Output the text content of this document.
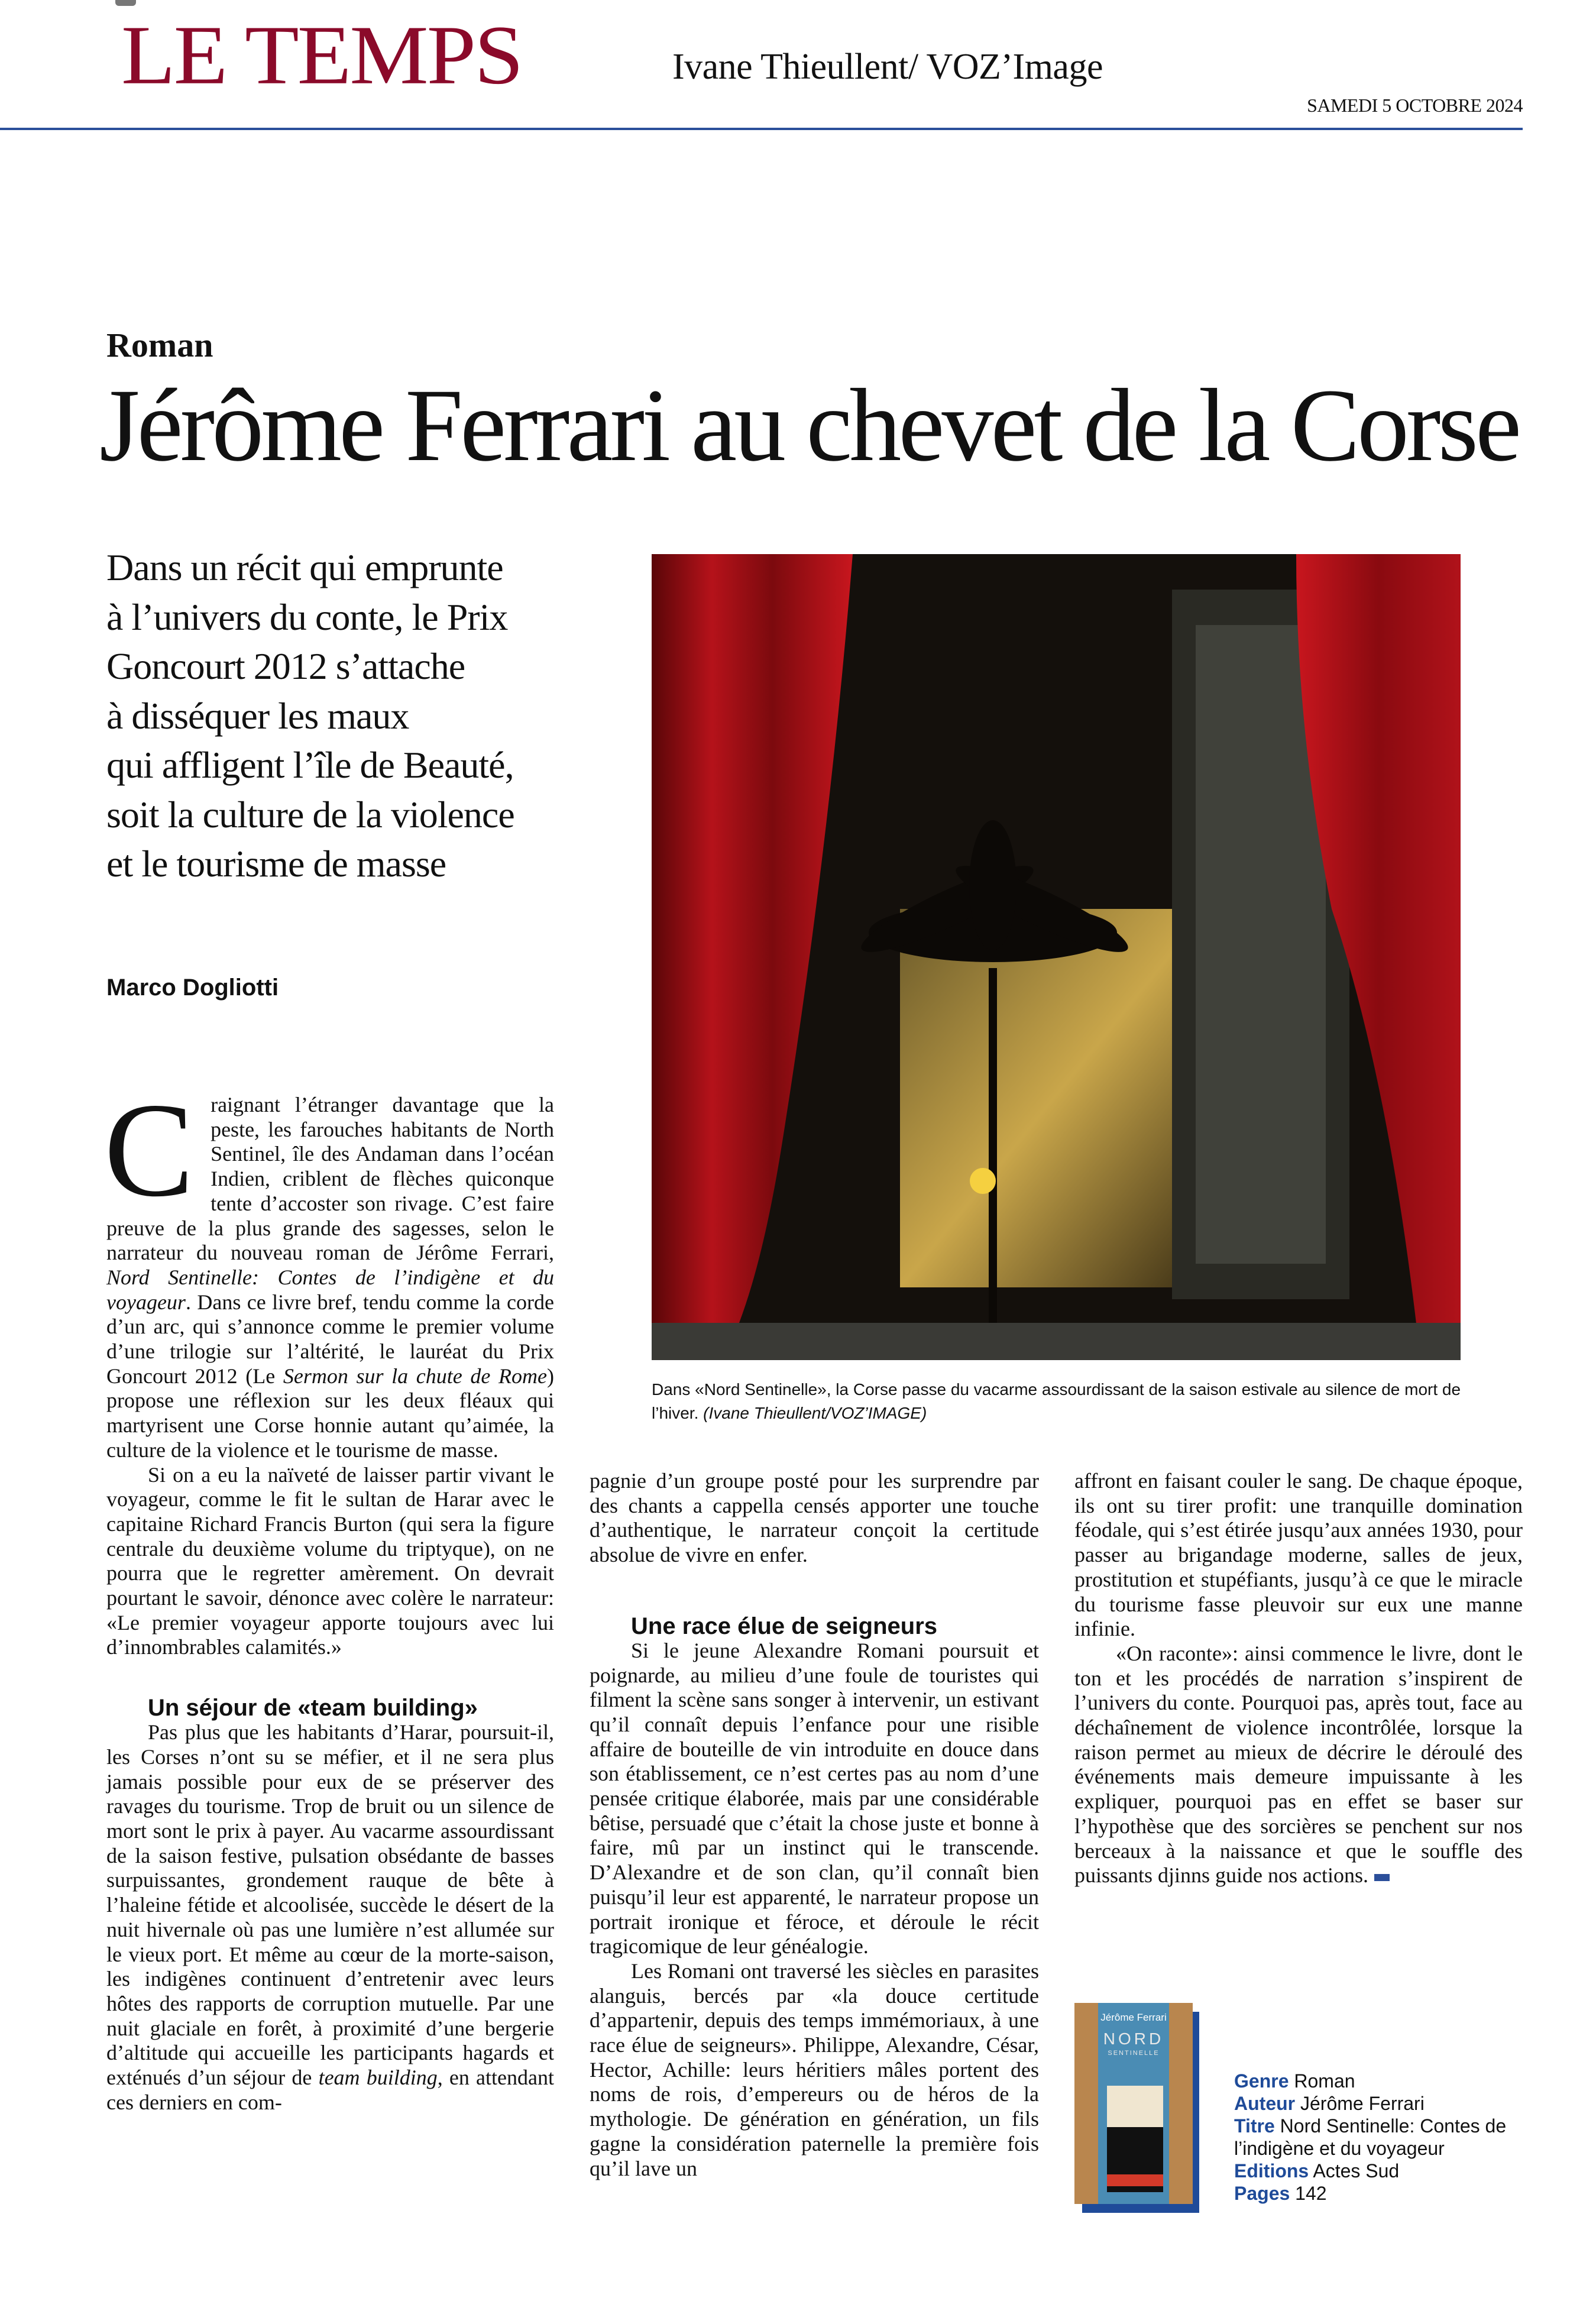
LE TEMPS	Ivane Thieullent/ VOZ’Image
SAMEDI 5 OCTOBRE 2024
Roman
Jérôme Ferrari au chevet de la Corse
Dans un récit qui emprunte
à l’univers du conte, le Prix
Goncourt 2012 s’attache
à disséquer les maux
qui affligent l’île de Beauté,
soit la culture de la violence
et le tourisme de masse
Marco Dogliotti
Dans «Nord Sentinelle», la Corse passe du vacarme assourdissant de la saison estivale au silence de mort de l’hiver. (Ivane Thieullent/VOZ’IMAGE)

Craignant l’étranger davantage que la peste, les farouches habitants de North Sentinel, île des Andaman dans l’océan Indien, criblent de flèches quiconque tente d’accoster son rivage. C’est faire preuve de la plus grande des sagesses, selon le narrateur du nouveau roman de Jérôme Ferrari, Nord Sentinelle: Contes de l’indigène et du voyageur. Dans ce livre bref, tendu comme la corde d’un arc, qui s’annonce comme le premier volume d’une trilogie sur l’altérité, le lauréat du Prix Goncourt 2012 (Le Sermon sur la chute de Rome) propose une réflexion sur les deux fléaux qui martyrisent une Corse honnie autant qu’aimée, la culture de la violence et le tourisme de masse.

Si on a eu la naïveté de laisser partir vivant le voyageur, comme le fit le sultan de Harar avec le capitaine Richard Francis Burton (qui sera la figure centrale du deuxième volume du triptyque), on ne pourra que le regretter amèrement. On devrait pourtant le savoir, dénonce avec colère le narrateur: «Le premier voyageur apporte toujours avec lui d’innombrables calamités.»

Un séjour de «team building»

Pas plus que les habitants d’Harar, poursuit-il, les Corses n’ont su se méfier, et il ne sera plus jamais possible pour eux de se préserver des ravages du tourisme. Trop de bruit ou un silence de mort sont le prix à payer. Au vacarme assourdissant de la saison festive, pulsation obsédante de basses surpuissantes, grondement rauque de bête à l’haleine fétide et alcoolisée, succède le désert de la nuit hivernale où pas une lumière n’est allumée sur le vieux port. Et même au cœur de la morte-saison, les indigènes continuent d’entretenir avec leurs hôtes des rapports de corruption mutuelle. Par une nuit glaciale en forêt, à proximité d’une bergerie d’altitude qui accueille les participants hagards et exténués d’un séjour de team building, en attendant ces derniers en com-

pagnie d’un groupe posté pour les surprendre par des chants a cappella censés apporter une touche d’authentique, le narrateur conçoit la certitude absolue de vivre en enfer.

Une race élue de seigneurs

Si le jeune Alexandre Romani poursuit et poignarde, au milieu d’une foule de touristes qui filment la scène sans songer à intervenir, un estivant qu’il connaît depuis l’enfance pour une risible affaire de bouteille de vin introduite en douce dans son établissement, ce n’est certes pas au nom d’une pensée critique élaborée, mais par une considérable bêtise, persuadé que c’était la chose juste et bonne à faire, mû par un instinct qui le transcende. D’Alexandre et de son clan, qu’il connaît bien puisqu’il leur est apparenté, le narrateur propose un portrait ironique et féroce, et déroule le récit tragicomique de leur généalogie.

Les Romani ont traversé les siècles en parasites alanguis, bercés par «la douce certitude d’appartenir, depuis des temps immémoriaux, à une race élue de seigneurs». Philippe, Alexandre, César, Hector, Achille: leurs héritiers mâles portent des noms de rois, d’empereurs ou de héros de la mythologie. De génération en génération, un fils gagne la considération paternelle la première fois qu’il lave un

affront en faisant couler le sang. De chaque époque, ils ont su tirer profit: une tranquille domination féodale, qui s’est étirée jusqu’aux années 1930, pour passer au brigandage moderne, salles de jeux, prostitution et stupéfiants, jusqu’à ce que le miracle du tourisme fasse pleuvoir sur eux une manne infinie.

«On raconte»: ainsi commence le livre, dont le ton et les procédés de narration s’inspirent de l’univers du conte. Pourquoi pas, après tout, face au déchaînement de violence incontrôlée, lorsque la raison permet au mieux de décrire le déroulé des événements mais demeure impuissante à les expliquer, pourquoi pas en effet se baser sur l’hypothèse que des sorcières se penchent sur nos berceaux à la naissance et que le souffle des puissants djinns guide nos actions.

Jérôme Ferrari
NORD
SENTINELLE
Genre Roman
Auteur Jérôme Ferrari
Titre Nord Sentinelle: Contes de l’indigène et du voyageur
Editions Actes Sud
Pages 142
